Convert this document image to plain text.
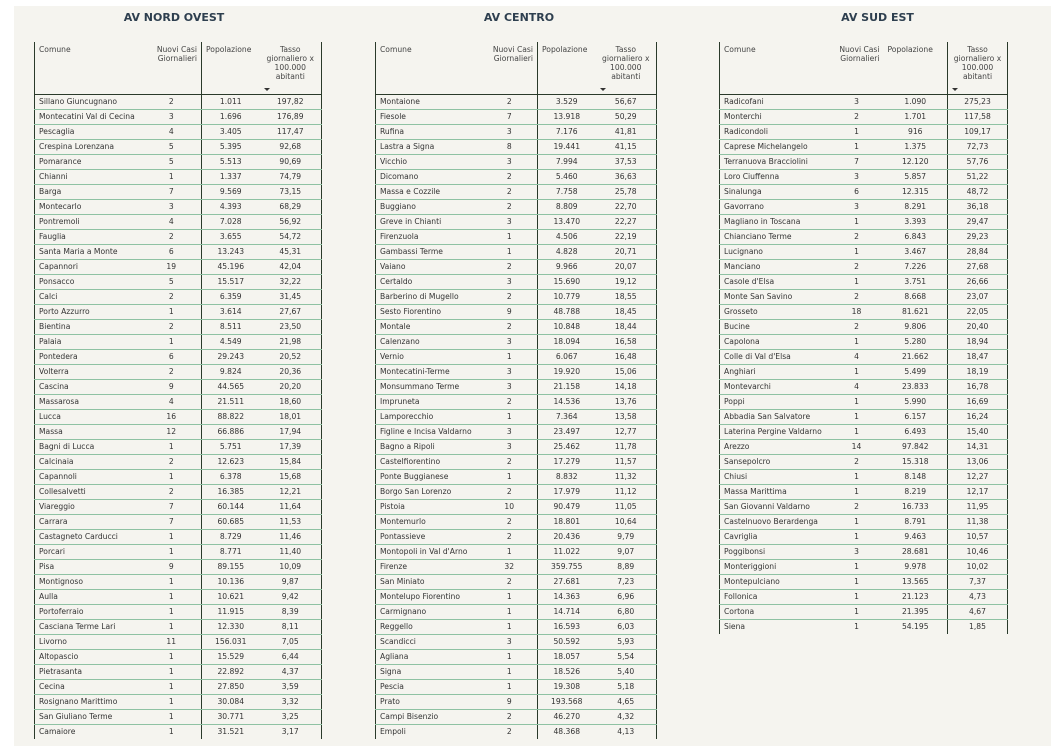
AV NORD OVEST
Comune	Nuovi Casi Giornalieri	Popolazione	Tasso giornaliero x 100.000 abitanti

Sillano Giuncugnano	2	1.011	197,82
Montecatini Val di Cecina	3	1.696	176,89
Pescaglia	4	3.405	117,47
Crespina Lorenzana	5	5.395	92,68
Pomarance	5	5.513	90,69
Chianni	1	1.337	74,79
Barga	7	9.569	73,15
Montecarlo	3	4.393	68,29
Pontremoli	4	7.028	56,92
Fauglia	2	3.655	54,72
Santa Maria a Monte	6	13.243	45,31
Capannori	19	45.196	42,04
Ponsacco	5	15.517	32,22
Calci	2	6.359	31,45
Porto Azzurro	1	3.614	27,67
Bientina	2	8.511	23,50
Palaia	1	4.549	21,98
Pontedera	6	29.243	20,52
Volterra	2	9.824	20,36
Cascina	9	44.565	20,20
Massarosa	4	21.511	18,60
Lucca	16	88.822	18,01
Massa	12	66.886	17,94
Bagni di Lucca	1	5.751	17,39
Calcinaia	2	12.623	15,84
Capannoli	1	6.378	15,68
Collesalvetti	2	16.385	12,21
Viareggio	7	60.144	11,64
Carrara	7	60.685	11,53
Castagneto Carducci	1	8.729	11,46
Porcari	1	8.771	11,40
Pisa	9	89.155	10,09
Montignoso	1	10.136	9,87
Aulla	1	10.621	9,42
Portoferraio	1	11.915	8,39
Casciana Terme Lari	1	12.330	8,11
Livorno	11	156.031	7,05
Altopascio	1	15.529	6,44
Pietrasanta	1	22.892	4,37
Cecina	1	27.850	3,59
Rosignano Marittimo	1	30.084	3,32
San Giuliano Terme	1	30.771	3,25
Camaiore	1	31.521	3,17
AV CENTRO
Comune	Nuovi Casi Giornalieri	Popolazione	Tasso giornaliero x 100.000 abitanti

Montaione	2	3.529	56,67
Fiesole	7	13.918	50,29
Rufina	3	7.176	41,81
Lastra a Signa	8	19.441	41,15
Vicchio	3	7.994	37,53
Dicomano	2	5.460	36,63
Massa e Cozzile	2	7.758	25,78
Buggiano	2	8.809	22,70
Greve in Chianti	3	13.470	22,27
Firenzuola	1	4.506	22,19
Gambassi Terme	1	4.828	20,71
Vaiano	2	9.966	20,07
Certaldo	3	15.690	19,12
Barberino di Mugello	2	10.779	18,55
Sesto Fiorentino	9	48.788	18,45
Montale	2	10.848	18,44
Calenzano	3	18.094	16,58
Vernio	1	6.067	16,48
Montecatini-Terme	3	19.920	15,06
Monsummano Terme	3	21.158	14,18
Impruneta	2	14.536	13,76
Lamporecchio	1	7.364	13,58
Figline e Incisa Valdarno	3	23.497	12,77
Bagno a Ripoli	3	25.462	11,78
Castelfiorentino	2	17.279	11,57
Ponte Buggianese	1	8.832	11,32
Borgo San Lorenzo	2	17.979	11,12
Pistoia	10	90.479	11,05
Montemurlo	2	18.801	10,64
Pontassieve	2	20.436	9,79
Montopoli in Val d'Arno	1	11.022	9,07
Firenze	32	359.755	8,89
San Miniato	2	27.681	7,23
Montelupo Fiorentino	1	14.363	6,96
Carmignano	1	14.714	6,80
Reggello	1	16.593	6,03
Scandicci	3	50.592	5,93
Agliana	1	18.057	5,54
Signa	1	18.526	5,40
Pescia	1	19.308	5,18
Prato	9	193.568	4,65
Campi Bisenzio	2	46.270	4,32
Empoli	2	48.368	4,13
AV SUD EST
Comune	Nuovi Casi Giornalieri	Popolazione	Tasso giornaliero x 100.000 abitanti

Radicofani	3	1.090	275,23
Monterchi	2	1.701	117,58
Radicondoli	1	916	109,17
Caprese Michelangelo	1	1.375	72,73
Terranuova Bracciolini	7	12.120	57,76
Loro Ciuffenna	3	5.857	51,22
Sinalunga	6	12.315	48,72
Gavorrano	3	8.291	36,18
Magliano in Toscana	1	3.393	29,47
Chianciano Terme	2	6.843	29,23
Lucignano	1	3.467	28,84
Manciano	2	7.226	27,68
Casole d'Elsa	1	3.751	26,66
Monte San Savino	2	8.668	23,07
Grosseto	18	81.621	22,05
Bucine	2	9.806	20,40
Capolona	1	5.280	18,94
Colle di Val d'Elsa	4	21.662	18,47
Anghiari	1	5.499	18,19
Montevarchi	4	23.833	16,78
Poppi	1	5.990	16,69
Abbadia San Salvatore	1	6.157	16,24
Laterina Pergine Valdarno	1	6.493	15,40
Arezzo	14	97.842	14,31
Sansepolcro	2	15.318	13,06
Chiusi	1	8.148	12,27
Massa Marittima	1	8.219	12,17
San Giovanni Valdarno	2	16.733	11,95
Castelnuovo Berardenga	1	8.791	11,38
Cavriglia	1	9.463	10,57
Poggibonsi	3	28.681	10,46
Monteriggioni	1	9.978	10,02
Montepulciano	1	13.565	7,37
Follonica	1	21.123	4,73
Cortona	1	21.395	4,67
Siena	1	54.195	1,85
